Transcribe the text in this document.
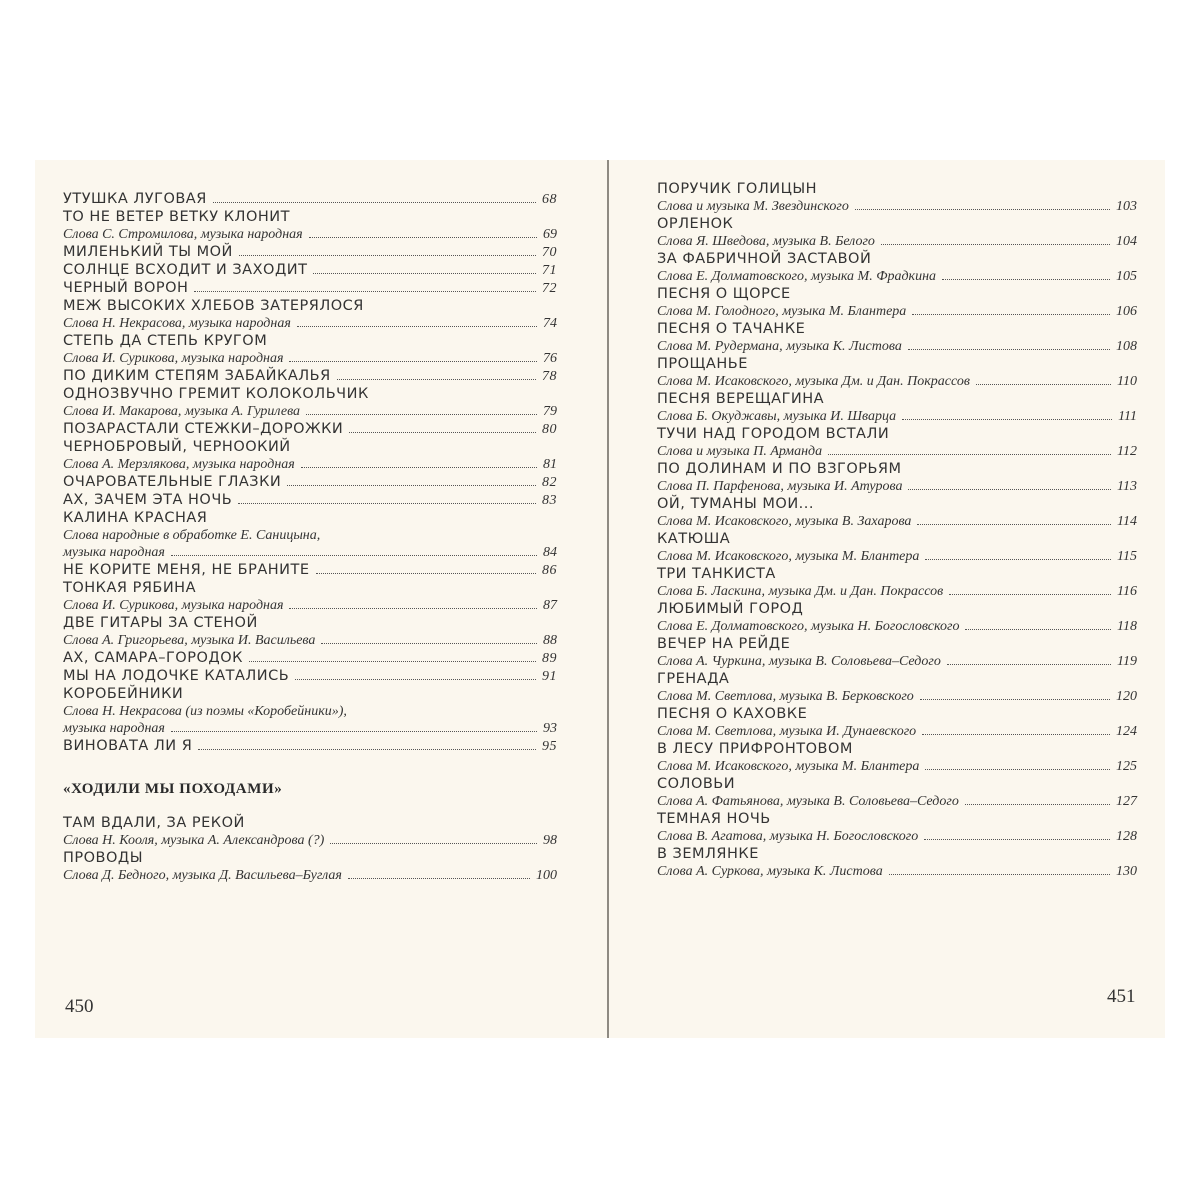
УТУШКА ЛУГОВАЯ	68
ТО НЕ ВЕТЕР ВЕТКУ КЛОНИТ
Слова С. Стромилова, музыка народная	69
МИЛЕНЬКИЙ ТЫ МОЙ	70
СОЛНЦЕ ВСХОДИТ И ЗАХОДИТ	71
ЧЕРНЫЙ ВОРОН	72
МЕЖ ВЫСОКИХ ХЛЕБОВ ЗАТЕРЯЛОСЯ
Слова Н. Некрасова, музыка народная	74
СТЕПЬ ДА СТЕПЬ КРУГОМ
Слова И. Сурикова, музыка народная	76
ПО ДИКИМ СТЕПЯМ ЗАБАЙКАЛЬЯ	78
ОДНОЗВУЧНО ГРЕМИТ КОЛОКОЛЬЧИК
Слова И. Макарова, музыка А. Гурилева	79
ПОЗАРАСТАЛИ СТЕЖКИ–ДОРОЖКИ	80
ЧЕРНОБРОВЫЙ, ЧЕРНООКИЙ
Слова А. Мерзлякова, музыка народная	81
ОЧАРОВАТЕЛЬНЫЕ ГЛАЗКИ	82
АХ, ЗАЧЕМ ЭТА НОЧЬ	83
КАЛИНА КРАСНАЯ
Слова народные в обработке Е. Саницына,
музыка народная	84
НЕ КОРИТЕ МЕНЯ, НЕ БРАНИТЕ	86
ТОНКАЯ РЯБИНА
Слова И. Сурикова, музыка народная	87
ДВЕ ГИТАРЫ ЗА СТЕНОЙ
Слова А. Григорьева, музыка И. Васильева	88
АХ, САМАРА–ГОРОДОК	89
МЫ НА ЛОДОЧКЕ КАТАЛИСЬ	91
КОРОБЕЙНИКИ
Слова Н. Некрасова (из поэмы «Коробейники»),
музыка народная	93
ВИНОВАТА ЛИ Я	95
«ХОДИЛИ МЫ ПОХОДАМИ»
ТАМ ВДАЛИ, ЗА РЕКОЙ
Слова Н. Кооля, музыка А. Александрова (?)	98
ПРОВОДЫ
Слова Д. Бедного, музыка Д. Васильева–Буглая	100
450
ПОРУЧИК ГОЛИЦЫН
Слова и музыка М. Звездинского	103
ОРЛЕНОК
Слова Я. Шведова, музыка В. Белого	104
ЗА ФАБРИЧНОЙ ЗАСТАВОЙ
Слова Е. Долматовского, музыка М. Фрадкина	105
ПЕСНЯ О ЩОРСЕ
Слова М. Голодного, музыка М. Блантера	106
ПЕСНЯ О ТАЧАНКЕ
Слова М. Рудермана, музыка К. Листова	108
ПРОЩАНЬЕ
Слова М. Исаковского, музыка Дм. и Дан. Покрассов	110
ПЕСНЯ ВЕРЕЩАГИНА
Слова Б. Окуджавы, музыка И. Шварца	111
ТУЧИ НАД ГОРОДОМ ВСТАЛИ
Слова и музыка П. Арманда	112
ПО ДОЛИНАМ И ПО ВЗГОРЬЯМ
Слова П. Парфенова, музыка И. Атурова	113
ОЙ, ТУМАНЫ МОИ...
Слова М. Исаковского, музыка В. Захарова	114
КАТЮША
Слова М. Исаковского, музыка М. Блантера	115
ТРИ ТАНКИСТА
Слова Б. Ласкина, музыка Дм. и Дан. Покрассов	116
ЛЮБИМЫЙ ГОРОД
Слова Е. Долматовского, музыка Н. Богословского	118
ВЕЧЕР НА РЕЙДЕ
Слова А. Чуркина, музыка В. Соловьева–Седого	119
ГРЕНАДА
Слова М. Светлова, музыка В. Берковского	120
ПЕСНЯ О КАХОВКЕ
Слова М. Светлова, музыка И. Дунаевского	124
В ЛЕСУ ПРИФРОНТОВОМ
Слова М. Исаковского, музыка М. Блантера	125
СОЛОВЬИ
Слова А. Фатьянова, музыка В. Соловьева–Седого	127
ТЕМНАЯ НОЧЬ
Слова В. Агатова, музыка Н. Богословского	128
В ЗЕМЛЯНКЕ
Слова А. Суркова, музыка К. Листова	130
451
